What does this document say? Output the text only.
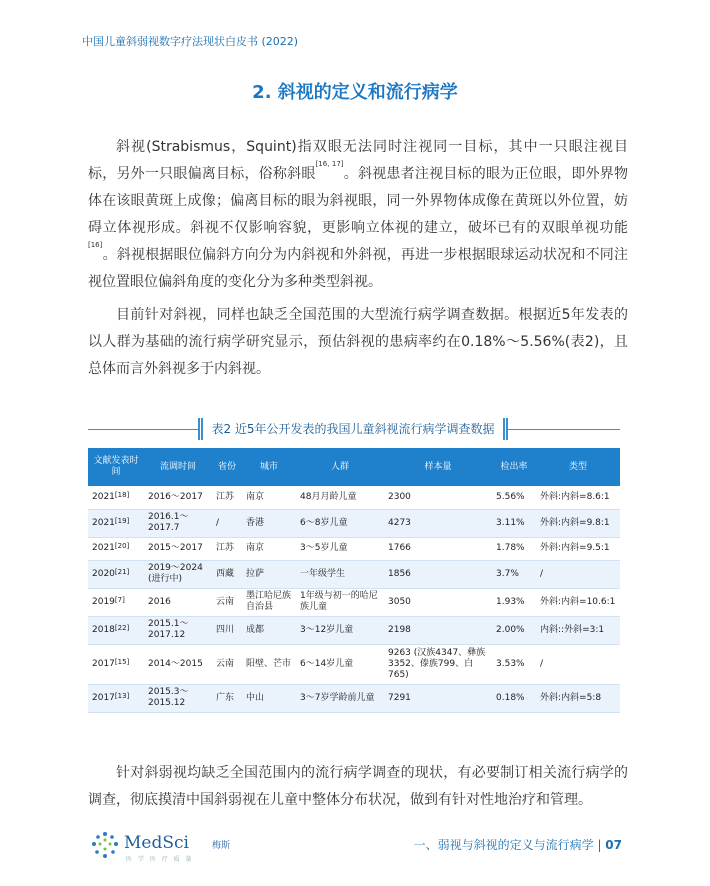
中国儿童斜弱视数字疗法现状白皮书 (2022)
2. 斜视的定义和流行病学

斜视(Strabismus，Squint)指双眼无法同时注视同一目标，其中一只眼注视目标，另外一只眼偏离目标，俗称斜眼[16, 17]。斜视患者注视目标的眼为正位眼，即外界物体在该眼黄斑上成像；偏离目标的眼为斜视眼，同一外界物体成像在黄斑以外位置，妨碍立体视形成。斜视不仅影响容貌，更影响立体视的建立，破坏已有的双眼单视功能[16]。斜视根据眼位偏斜方向分为内斜视和外斜视，再进一步根据眼球运动状况和不同注视位置眼位偏斜角度的变化分为多种类型斜视。

目前针对斜视，同样也缺乏全国范围的大型流行病学调查数据。根据近5年发表的以人群为基础的流行病学研究显示，预估斜视的患病率约在0.18%～5.56%(表2)，且总体而言外斜视多于内斜视。

表2 近5年公开发表的我国儿童斜视流行病学调查数据
文献发表时间	流调时间	省份	城市	人群	样本量	检出率	类型
2021[18]	2016～2017	江苏	南京	48月月龄儿童	2300	5.56%	外斜:内斜=8.6:1
2021[19]	2016.1～2017.7	/	香港	6～8岁儿童	4273	3.11%	外斜:内斜=9.8:1
2021[20]	2015～2017	江苏	南京	3～5岁儿童	1766	1.78%	外斜:内斜=9.5:1
2020[21]	2019～2024 (进行中)	西藏	拉萨	一年级学生	1856	3.7%	/
2019[7]	2016	云南	墨江哈尼族自治县	1年级与初一的哈尼族儿童	3050	1.93%	外斜:内斜=10.6:1
2018[22]	2015.1～2017.12	四川	成都	3～12岁儿童	2198	2.00%	内斜::外斜=3:1
2017[15]	2014～2015	云南	阳壁、芒市	6～14岁儿童	9263 (汉族4347、彝族3352、傣族799、白765)	3.53%	/
2017[13]	2015.3～2015.12	广东	中山	3～7岁学龄前儿童	7291	0.18%	外斜:内斜=5:8

针对斜弱视均缺乏全国范围内的流行病学调查的现状，有必要制订相关流行病学的调查，彻底摸清中国斜弱视在儿童中整体分布状况，做到有针对性地治疗和管理。

MedSci	梅斯
医 学 医 疗 质 量
一、弱视与斜视的定义与流行病学 | 07
